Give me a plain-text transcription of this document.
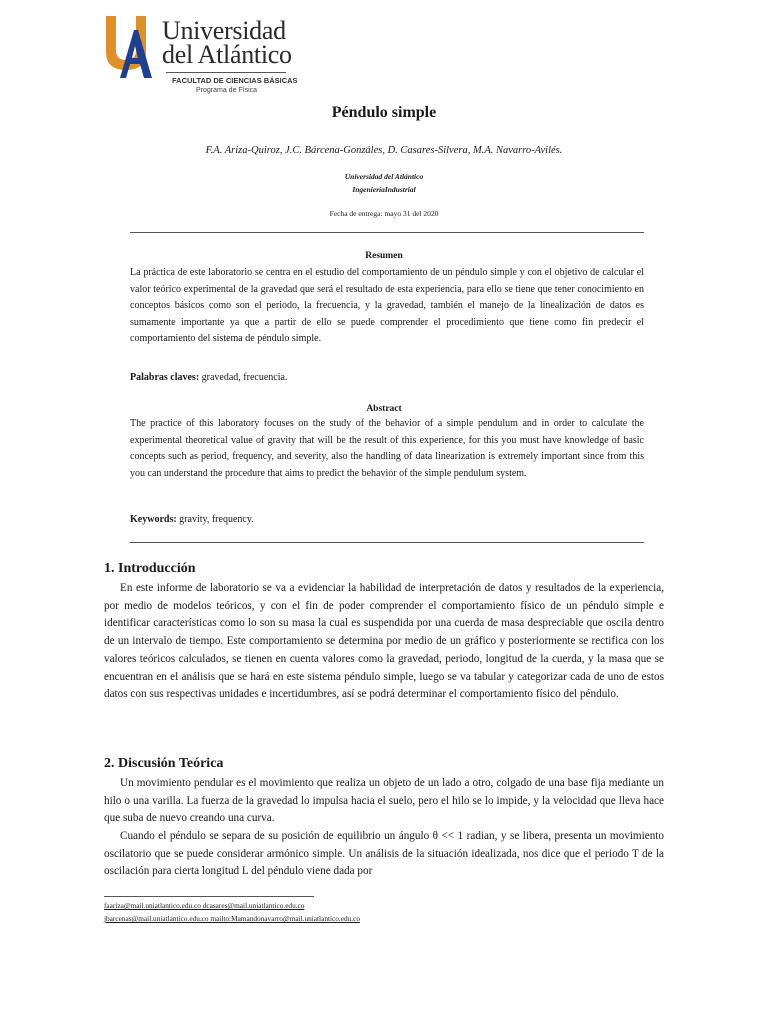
Universidad
del Atlántico
FACULTAD DE CIENCIAS BÁSICAS
Programa de Física
Péndulo simple
F.A. Ariza-Quiroz, J.C. Bárcena-Gonzáles, D. Casares-Silvera, M.A. Navarro-Avilés.
Universidad del Atlántico
IngenieríaIndustrial
Fecha de entrega: mayo 31 del 2020
Resumen
La práctica de este laboratorio se centra en el estudio del comportamiento de un péndulo simple y con el objetivo de calcular el valor teórico experimental de la gravedad que será el resultado de esta experiencia, para ello se tiene que tener conocimiento en conceptos básicos como son el periodo, la frecuencia, y la gravedad, también el manejo de la linealización de datos es sumamente importante ya que a partir de ello se puede comprender el procedimiento que tiene como fin predecir el comportamiento del sistema de péndulo simple.
Palabras claves: gravedad, frecuencia.
Abstract
The practice of this laboratory focuses on the study of the behavior of a simple pendulum and in order to calculate the experimental theoretical value of gravity that will be the result of this experience, for this you must have knowledge of basic concepts such as period, frequency, and severity, also the handling of data linearization is extremely important since from this you can understand the procedure that aims to predict the behavior of the simple pendulum system.
Keywords: gravity, frequency.
1. Introducción
En este informe de laboratorio se va a evidenciar la habilidad de interpretación de datos y resultados de la experiencia, por medio de modelos teóricos, y con el fin de poder comprender el comportamiento físico de un péndulo simple e identificar características como lo son su masa la cual es suspendida por una cuerda de masa despreciable que oscila dentro de un intervalo de tiempo. Este comportamiento se determina por medio de un gráfico y posteriormente se rectifica con los valores teóricos calculados, se tienen en cuenta valores como la gravedad, periodo, longitud de la cuerda, y la masa que se encuentran en el análisis que se hará en este sistema péndulo simple, luego se va tabular y categorizar cada de uno de estos datos con sus respectivas unidades e incertidumbres, así se podrá determinar el comportamiento físico del péndulo.
2. Discusión Teórica
Un movimiento pendular es el movimiento que realiza un objeto de un lado a otro, colgado de una base fija mediante un hilo o una varilla. La fuerza de la gravedad lo impulsa hacia el suelo, pero el hilo se lo impide, y la velocidad que lleva hace que suba de nuevo creando una curva.
Cuando el péndulo se separa de su posición de equilibrio un ángulo θ << 1 radian, y se libera, presenta un movimiento oscilatorio que se puede considerar armónico simple. Un análisis de la situación idealizada, nos dice que el periodo T de la oscilación para cierta longitud L del péndulo viene dada por
faariza@mail.uniatlantico.edu.co dcasares@mail.uniatlantico.edu.co
jbarcenas@mail.uniatlantico.edu.co mailto:Mamandonavarro@mail.uniatlantico.edu.co
